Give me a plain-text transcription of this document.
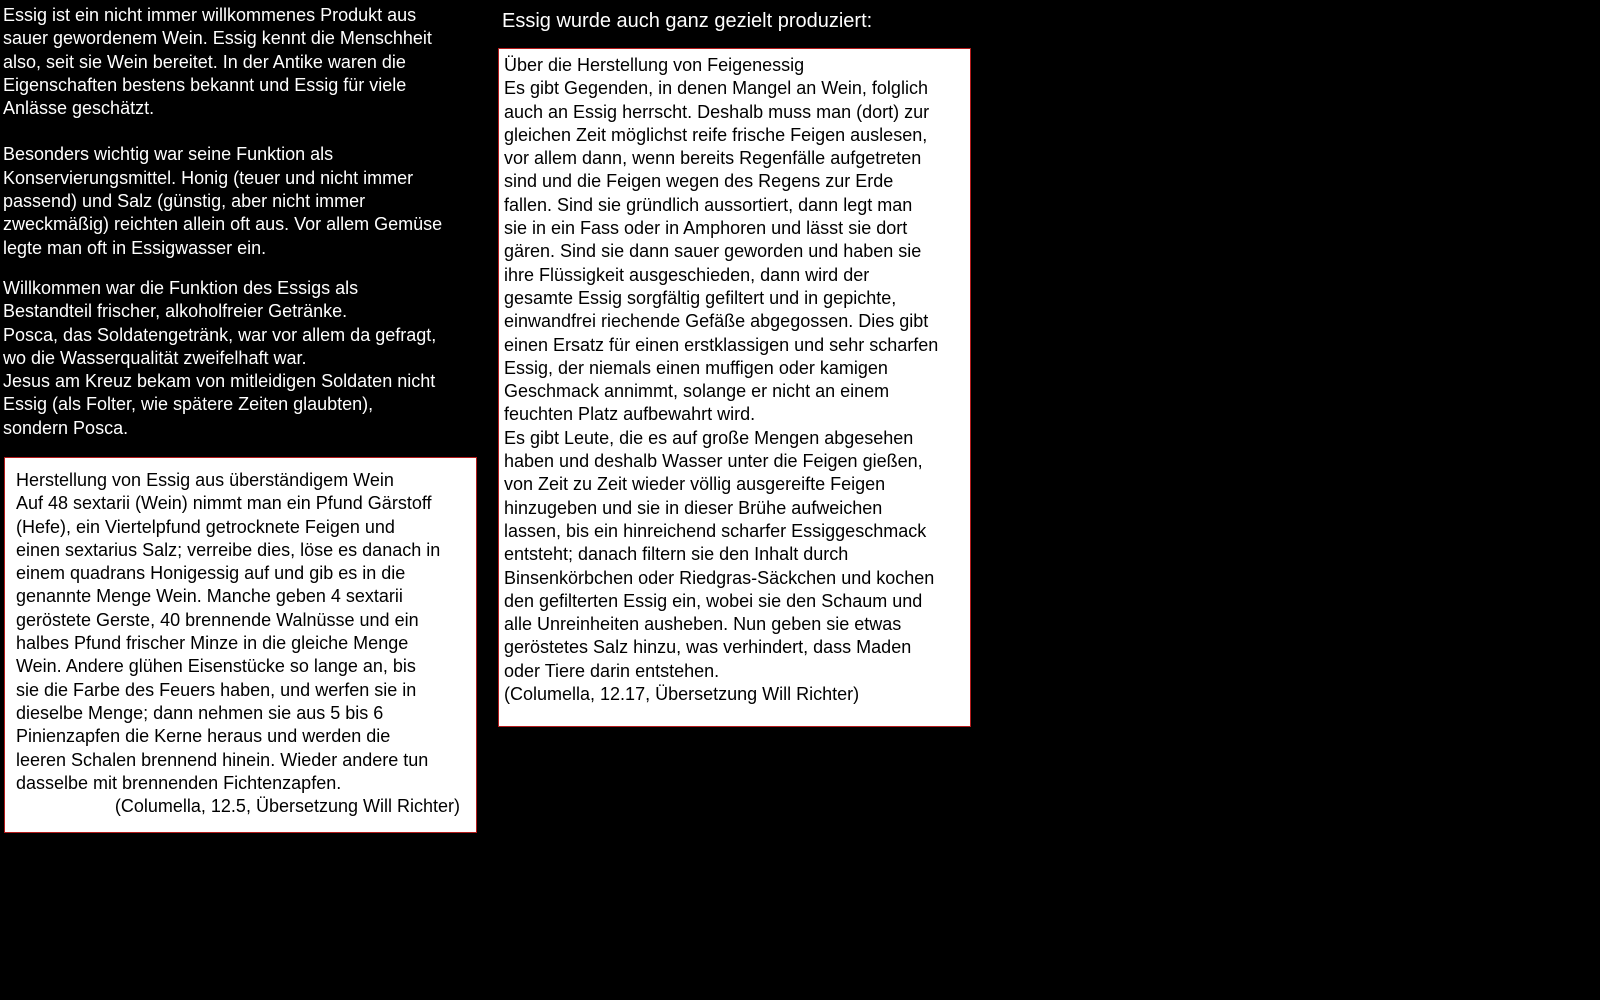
Essig ist ein nicht immer willkommenes Produkt aus
sauer gewordenem Wein. Essig kennt die Menschheit
also, seit sie Wein bereitet. In der Antike waren die
Eigenschaften bestens bekannt und Essig für viele
Anlässe geschätzt.

Besonders wichtig war seine Funktion als
Konservierungsmittel. Honig (teuer und nicht immer
passend) und Salz (günstig, aber nicht immer
zweckmäßig) reichten allein oft aus. Vor allem Gemüse
legte man oft in Essigwasser ein.

Willkommen war die Funktion des Essigs als
Bestandteil frischer, alkoholfreier Getränke.
Posca, das Soldatengetränk, war vor allem da gefragt,
wo die Wasserqualität zweifelhaft war.
Jesus am Kreuz bekam von mitleidigen Soldaten nicht
Essig (als Folter, wie spätere Zeiten glaubten),
sondern Posca.

Herstellung von Essig aus überständigem Wein

Auf 48 sextarii (Wein) nimmt man ein Pfund Gärstoff
(Hefe), ein Viertelpfund getrocknete Feigen und
einen sextarius Salz; verreibe dies, löse es danach in
einem quadrans Honigessig auf und gib es in die
genannte Menge Wein. Manche geben 4 sextarii
geröstete Gerste, 40 brennende Walnüsse und ein
halbes Pfund frischer Minze in die gleiche Menge
Wein. Andere glühen Eisenstücke so lange an, bis
sie die Farbe des Feuers haben, und werfen sie in
dieselbe Menge; dann nehmen sie aus 5 bis 6
Pinienzapfen die Kerne heraus und werden die
leeren Schalen brennend hinein. Wieder andere tun
dasselbe mit brennenden Fichtenzapfen.

(Columella, 12.5, Übersetzung Will Richter)

Essig wurde auch ganz gezielt produziert:

Über die Herstellung von Feigenessig

Es gibt Gegenden, in denen Mangel an Wein, folglich
auch an Essig herrscht. Deshalb muss man (dort) zur
gleichen Zeit möglichst reife frische Feigen auslesen,
vor allem dann, wenn bereits Regenfälle aufgetreten
sind und die Feigen wegen des Regens zur Erde
fallen. Sind sie gründlich aussortiert, dann legt man
sie in ein Fass oder in Amphoren und lässt sie dort
gären. Sind sie dann sauer geworden und haben sie
ihre Flüssigkeit ausgeschieden, dann wird der
gesamte Essig sorgfältig gefiltert und in gepichte,
einwandfrei riechende Gefäße abgegossen. Dies gibt
einen Ersatz für einen erstklassigen und sehr scharfen
Essig, der niemals einen muffigen oder kamigen
Geschmack annimmt, solange er nicht an einem
feuchten Platz aufbewahrt wird.

Es gibt Leute, die es auf große Mengen abgesehen
haben und deshalb Wasser unter die Feigen gießen,
von Zeit zu Zeit wieder völlig ausgereifte Feigen
hinzugeben und sie in dieser Brühe aufweichen
lassen, bis ein hinreichend scharfer Essiggeschmack
entsteht; danach filtern sie den Inhalt durch
Binsenkörbchen oder Riedgras-Säckchen und kochen
den gefilterten Essig ein, wobei sie den Schaum und
alle Unreinheiten ausheben. Nun geben sie etwas
geröstetes Salz hinzu, was verhindert, dass Maden
oder Tiere darin entstehen.

(Columella, 12.17, Übersetzung Will Richter)
